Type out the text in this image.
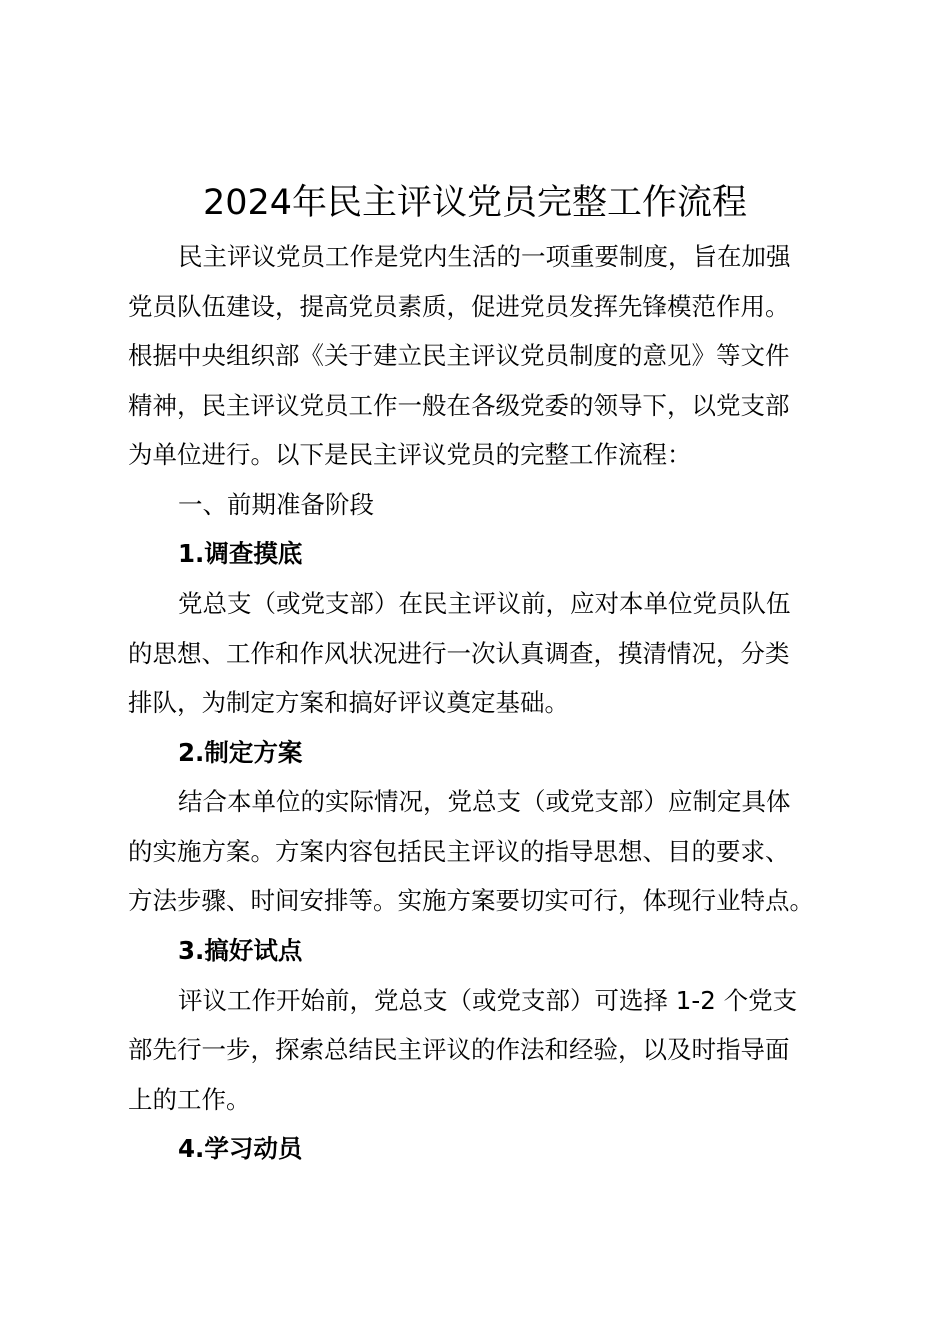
2024年民主评议党员完整工作流程

民主评议党员工作是党内生活的一项重要制度，旨在加强

党员队伍建设，提高党员素质，促进党员发挥先锋模范作用。

根据中央组织部《关于建立民主评议党员制度的意见》等文件

精神，民主评议党员工作一般在各级党委的领导下，以党支部

为单位进行。以下是民主评议党员的完整工作流程：

一、前期准备阶段

1.调查摸底

党总支（或党支部）在民主评议前，应对本单位党员队伍

的思想、工作和作风状况进行一次认真调查，摸清情况，分类

排队，为制定方案和搞好评议奠定基础。

2.制定方案

结合本单位的实际情况，党总支（或党支部）应制定具体

的实施方案。方案内容包括民主评议的指导思想、目的要求、

方法步骤、时间安排等。实施方案要切实可行，体现行业特点。

3.搞好试点

评议工作开始前，党总支（或党支部）可选择 1-2 个党支

部先行一步，探索总结民主评议的作法和经验，以及时指导面

上的工作。

4.学习动员
